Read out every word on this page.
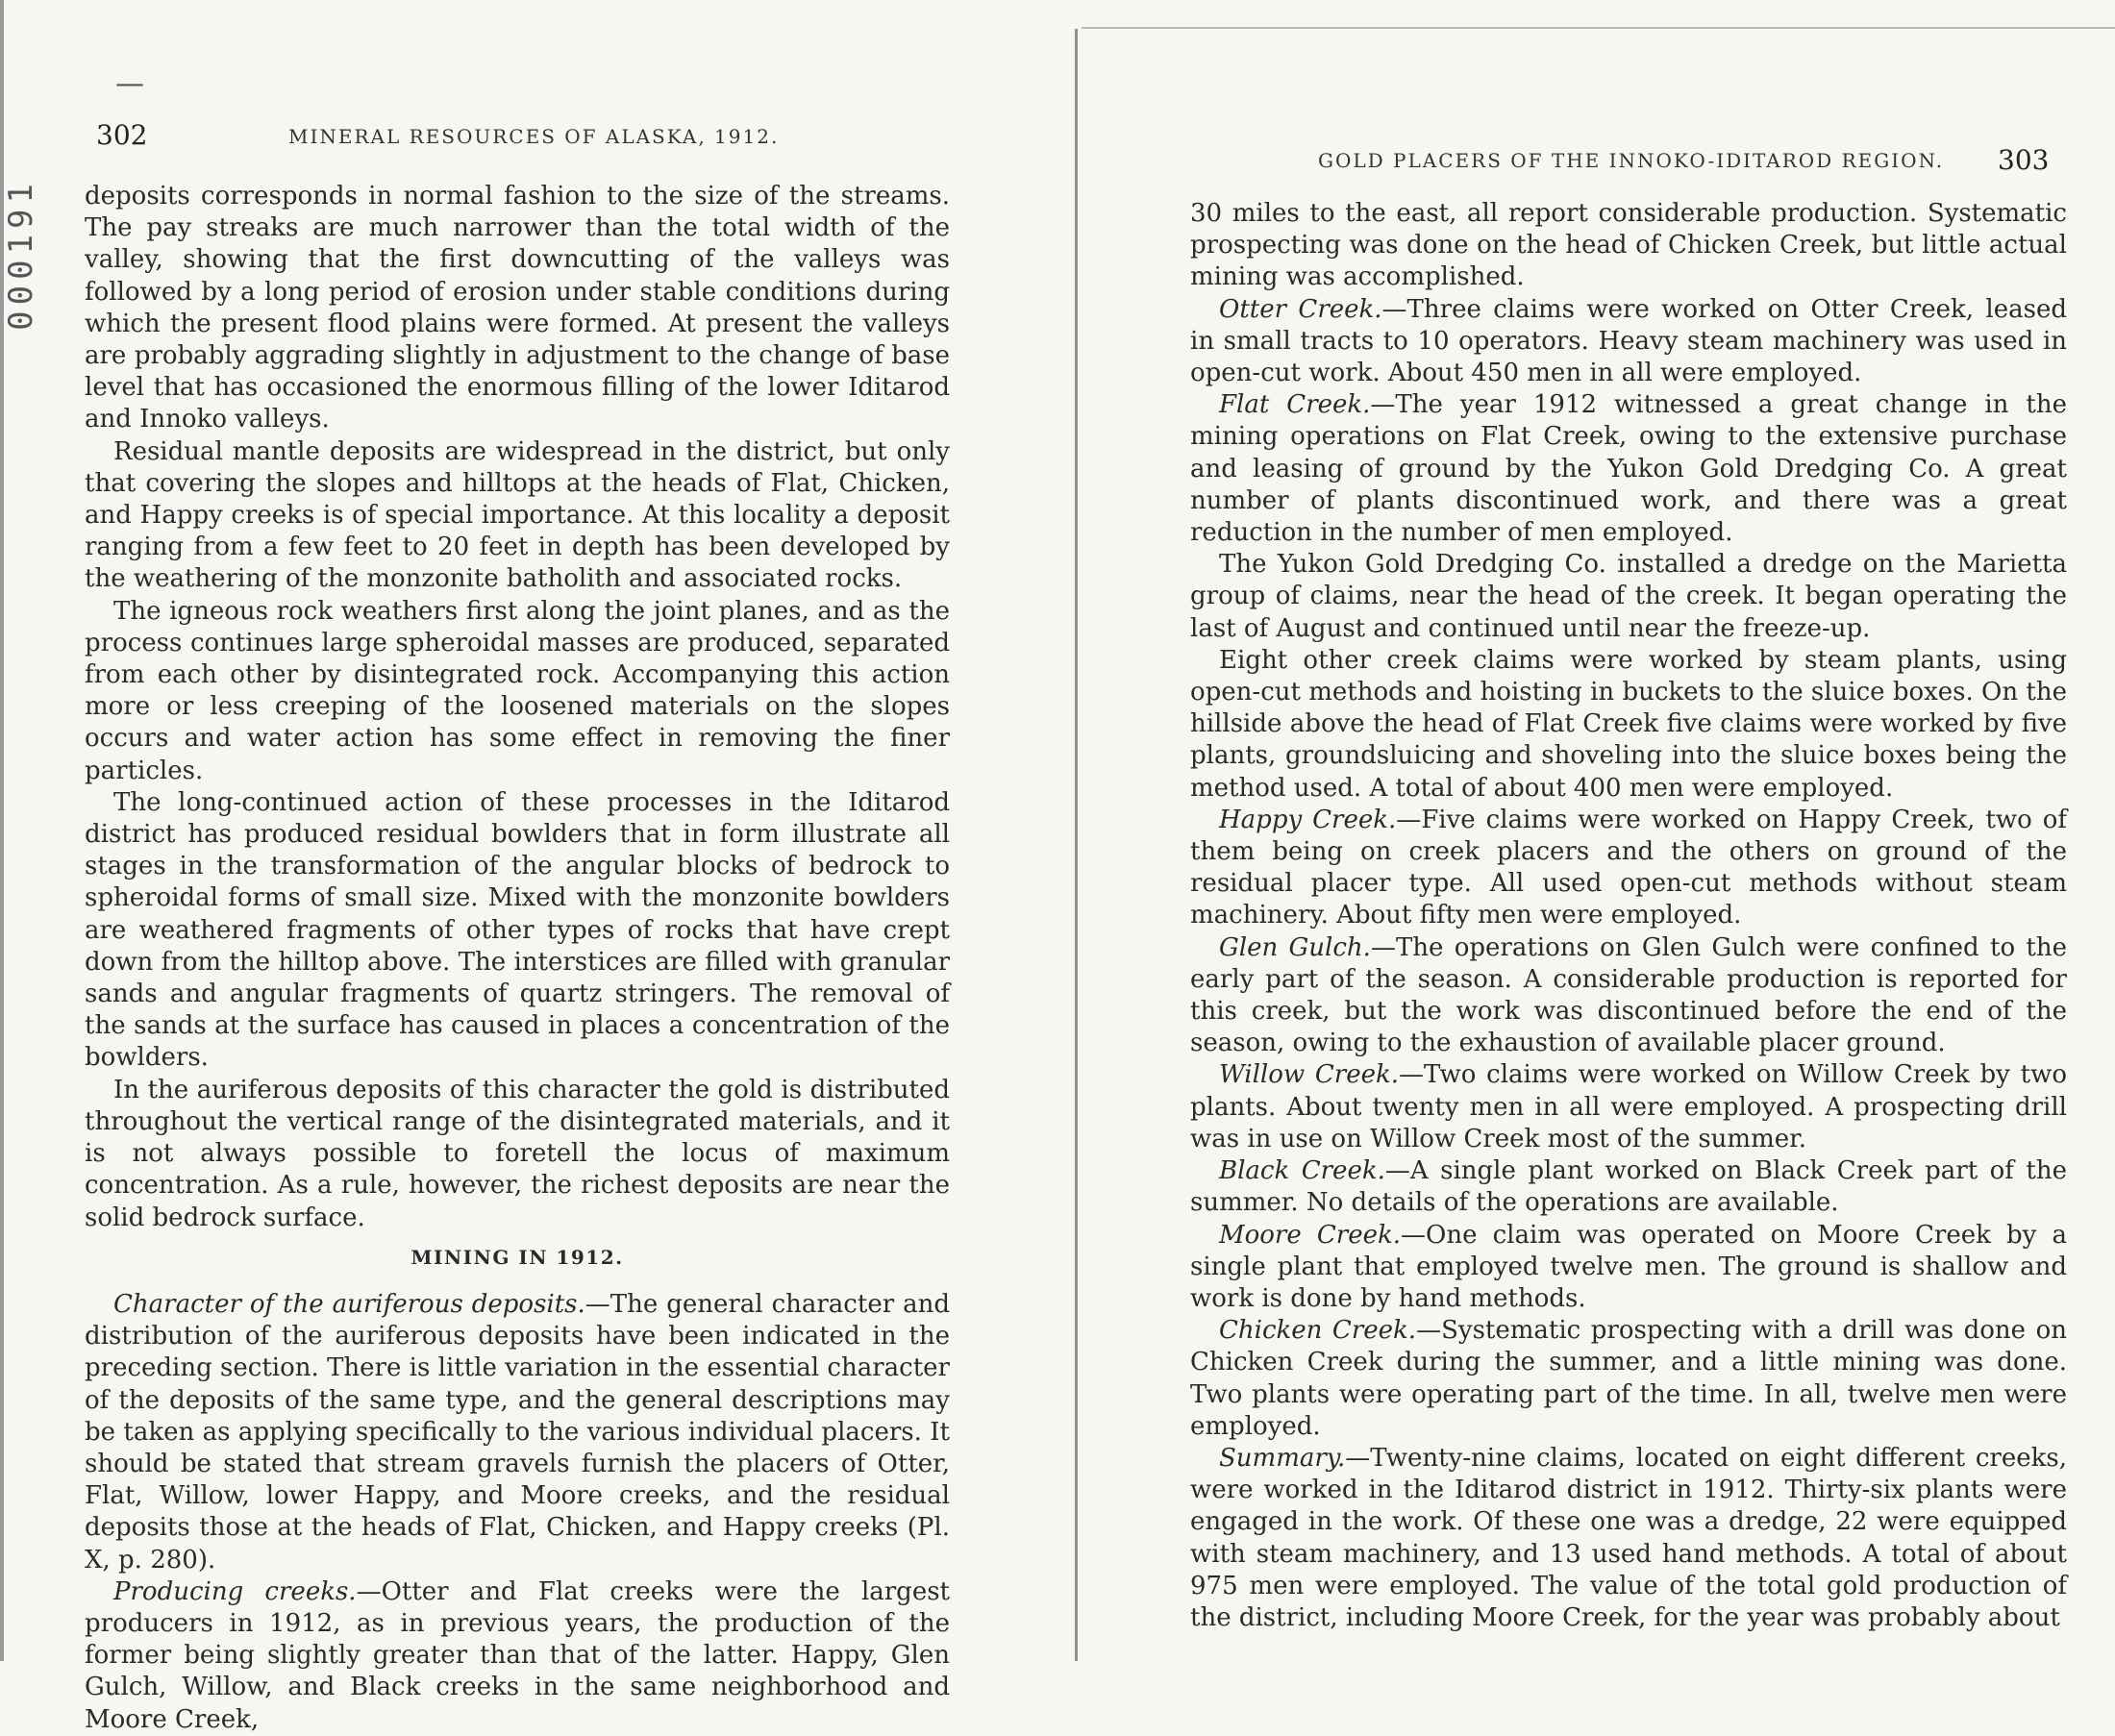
000191
—
302	MINERAL RESOURCES OF ALASKA, 1912.

deposits corresponds in normal fashion to the size of the streams. The pay streaks are much narrower than the total width of the valley, showing that the first downcutting of the valleys was followed by a long period of erosion under stable conditions during which the present flood plains were formed. At present the valleys are probably aggrading slightly in adjustment to the change of base level that has occasioned the enormous filling of the lower Iditarod and Innoko valleys.

Residual mantle deposits are widespread in the district, but only that covering the slopes and hilltops at the heads of Flat, Chicken, and Happy creeks is of special importance. At this locality a deposit ranging from a few feet to 20 feet in depth has been developed by the weathering of the monzonite batholith and associated rocks.

The igneous rock weathers first along the joint planes, and as the process continues large spheroidal masses are produced, separated from each other by disintegrated rock. Accompanying this action more or less creeping of the loosened materials on the slopes occurs and water action has some effect in removing the finer particles.

The long-continued action of these processes in the Iditarod district has produced residual bowlders that in form illustrate all stages in the transformation of the angular blocks of bedrock to spheroidal forms of small size. Mixed with the monzonite bowlders are weathered fragments of other types of rocks that have crept down from the hilltop above. The interstices are filled with granular sands and angular fragments of quartz stringers. The removal of the sands at the surface has caused in places a concentration of the bowlders.

In the auriferous deposits of this character the gold is distributed throughout the vertical range of the disintegrated materials, and it is not always possible to foretell the locus of maximum concentration. As a rule, however, the richest deposits are near the solid bedrock surface.

MINING IN 1912.

Character of the auriferous deposits.—The general character and distribution of the auriferous deposits have been indicated in the preceding section. There is little variation in the essential character of the deposits of the same type, and the general descriptions may be taken as applying specifically to the various individual placers. It should be stated that stream gravels furnish the placers of Otter, Flat, Willow, lower Happy, and Moore creeks, and the residual deposits those at the heads of Flat, Chicken, and Happy creeks (Pl. X, p. 280).

Producing creeks.—Otter and Flat creeks were the largest producers in 1912, as in previous years, the production of the former being slightly greater than that of the latter. Happy, Glen Gulch, Willow, and Black creeks in the same neighborhood and Moore Creek,

GOLD PLACERS OF THE INNOKO-IDITAROD REGION. 303

30 miles to the east, all report considerable production. Systematic prospecting was done on the head of Chicken Creek, but little actual mining was accomplished.

Otter Creek.—Three claims were worked on Otter Creek, leased in small tracts to 10 operators. Heavy steam machinery was used in open-cut work. About 450 men in all were employed.

Flat Creek.—The year 1912 witnessed a great change in the mining operations on Flat Creek, owing to the extensive purchase and leasing of ground by the Yukon Gold Dredging Co. A great number of plants discontinued work, and there was a great reduction in the number of men employed.

The Yukon Gold Dredging Co. installed a dredge on the Marietta group of claims, near the head of the creek. It began operating the last of August and continued until near the freeze-up.

Eight other creek claims were worked by steam plants, using open-cut methods and hoisting in buckets to the sluice boxes. On the hillside above the head of Flat Creek five claims were worked by five plants, groundsluicing and shoveling into the sluice boxes being the method used. A total of about 400 men were employed.

Happy Creek.—Five claims were worked on Happy Creek, two of them being on creek placers and the others on ground of the residual placer type. All used open-cut methods without steam machinery. About fifty men were employed.

Glen Gulch.—The operations on Glen Gulch were confined to the early part of the season. A considerable production is reported for this creek, but the work was discontinued before the end of the season, owing to the exhaustion of available placer ground.

Willow Creek.—Two claims were worked on Willow Creek by two plants. About twenty men in all were employed. A prospecting drill was in use on Willow Creek most of the summer.

Black Creek.—A single plant worked on Black Creek part of the summer. No details of the operations are available.

Moore Creek.—One claim was operated on Moore Creek by a single plant that employed twelve men. The ground is shallow and work is done by hand methods.

Chicken Creek.—Systematic prospecting with a drill was done on Chicken Creek during the summer, and a little mining was done. Two plants were operating part of the time. In all, twelve men were employed.

Summary.—Twenty-nine claims, located on eight different creeks, were worked in the Iditarod district in 1912. Thirty-six plants were engaged in the work. Of these one was a dredge, 22 were equipped with steam machinery, and 13 used hand methods. A total of about 975 men were employed. The value of the total gold production of the district, including Moore Creek, for the year was probably about
